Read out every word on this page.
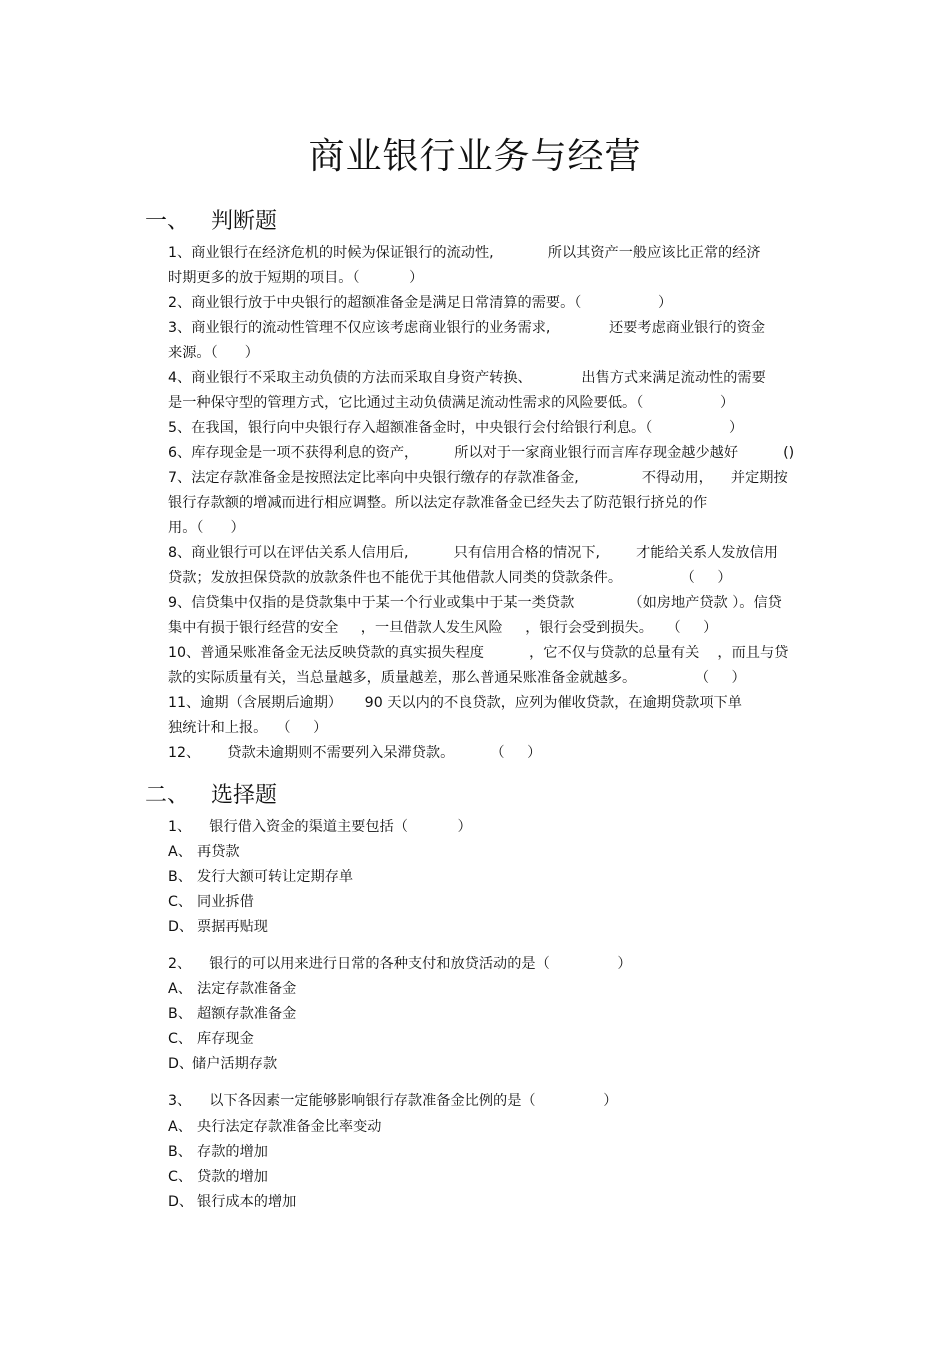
商业银行业务与经营
一、 判断题
1、商业银行在经济危机的时候为保证银行的流动性,            所以其资产一般应该比正常的经济
时期更多的放于短期的项目。（           ）
2、商业银行放于中央银行的超额准备金是满足日常清算的需要。（                 ）
3、商业银行的流动性管理不仅应该考虑商业银行的业务需求,             还要考虑商业银行的资金
来源。（      ）
4、商业银行不采取主动负债的方法而采取自身资产转换、           出售方式来满足流动性的需要
是一种保守型的管理方式，它比通过主动负债满足流动性需求的风险要低。（                 ）
5、在我国，银行向中央银行存入超额准备金时，中央银行会付给银行利息。（                 ）
6、库存现金是一项不获得利息的资产，        所以对于一家商业银行而言库存现金越少越好          ()
7、法定存款准备金是按照法定比率向中央银行缴存的存款准备金,              不得动用，    并定期按
银行存款额的增减而进行相应调整。所以法定存款准备金已经失去了防范银行挤兑的作
用。（      ）
8、商业银行可以在评估关系人信用后,          只有信用合格的情况下,        才能给关系人发放信用
贷款；发放担保贷款的放款条件也不能优于其他借款人同类的贷款条件。             （     ）
9、信贷集中仅指的是贷款集中于某一个行业或集中于某一类贷款            （如房地产贷款 ）。信贷
集中有损于银行经营的安全     ，一旦借款人发生风险     ，银行会受到损失。   （     ）
10、普通呆账准备金无法反映贷款的真实损失程度          ，它不仅与贷款的总量有关    ，而且与贷
款的实际质量有关，当总量越多，质量越差，那么普通呆账准备金就越多。             （     ）
11、逾期（含展期后逾期）     90 天以内的不良贷款，应列为催收贷款，在逾期贷款项下单
独统计和上报。  （     ）
12、      贷款未逾期则不需要列入呆滞贷款。        （     ）
二、 选择题
1、    银行借入资金的渠道主要包括（           ）
A、 再贷款
B、 发行大额可转让定期存单
C、 同业拆借
D、 票据再贴现
2、    银行的可以用来进行日常的各种支付和放贷活动的是（               ）
A、 法定存款准备金
B、 超额存款准备金
C、 库存现金
D、储户活期存款
3、    以下各因素一定能够影响银行存款准备金比例的是（               ）
A、 央行法定存款准备金比率变动
B、 存款的增加
C、 贷款的增加
D、 银行成本的增加
